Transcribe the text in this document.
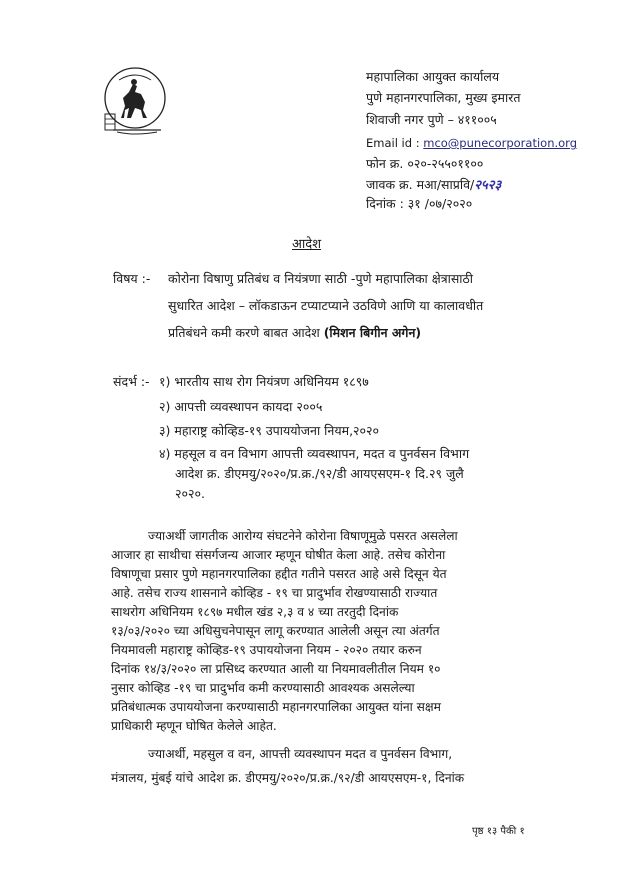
महापालिका आयुक्त कार्यालय
पुणे महानगरपालिका, मुख्य इमारत
शिवाजी नगर पुणे – ४११००५
Email id : mco@punecorporation.org
फोन क्र. ०२०-२५५०११००
जावक क्र. मआ/साप्रवि/२५२३
दिनांक : ३१ /०७/२०२०
आदेश
विषय :- कोरोना विषाणु प्रतिबंध व नियंत्रणा साठी -पुणे महापालिका क्षेत्रासाठी
सुधारित आदेश – लॉकडाऊन टप्याटप्याने उठविणे आणि या कालावधीत
प्रतिबंधने कमी करणे बाबत आदेश (मिशन बिगीन अगेन)
संदर्भ :- १) भारतीय साथ रोग नियंत्रण अधिनियम १८९७
२) आपत्ती व्यवस्थापन कायदा २००५
३) महाराष्ट्र कोव्हिड-१९ उपाययोजना नियम,२०२०
४) महसूल व वन विभाग आपत्ती व्यवस्थापन, मदत व पुनर्वसन विभाग
आदेश क्र. डीएमयु/२०२०/प्र.क्र./९२/डी आयएसएम-१ दि.२९ जुलै
२०२०.
ज्याअर्थी जागतीक आरोग्य संघटनेने कोरोना विषाणूमुळे पसरत असलेला
आजार हा साथीचा संसर्गजन्य आजार म्हणून घोषीत केला आहे. तसेच कोरोना
विषाणूचा प्रसार पुणे महानगरपालिका हद्दीत गतीने पसरत आहे असे दिसून येत
आहे. तसेच राज्य शासनाने कोव्हिड - १९ चा प्रादुर्भाव रोखण्यासाठी राज्यात
साथरोग अधिनियम १८९७ मधील खंड २,३ व ४ च्या तरतुदी दिनांक
१३/०३/२०२० च्या अधिसुचनेपासून लागू करण्यात आलेली असून त्या अंतर्गत
नियमावली महाराष्ट्र कोव्हिड-१९ उपाययोजना नियम - २०२० तयार करुन
दिनांक १४/३/२०२० ला प्रसिध्द करण्यात आली या नियमावलीतील नियम १०
नुसार कोव्हिड -१९ चा प्रादुर्भाव कमी करण्यासाठी आवश्यक असलेल्या
प्रतिबंधात्मक उपाययोजना करण्यासाठी महानगरपालिका आयुक्त यांना सक्षम
प्राधिकारी म्हणून घोषित केलेले आहेत.
ज्याअर्थी, महसुल व वन, आपत्ती व्यवस्थापन मदत व पुनर्वसन विभाग,
मंत्रालय, मुंबई यांचे आदेश क्र. डीएमयु/२०२०/प्र.क्र./९२/डी आयएसएम-१, दिनांक
पृष्ठ १३ पैकी १
